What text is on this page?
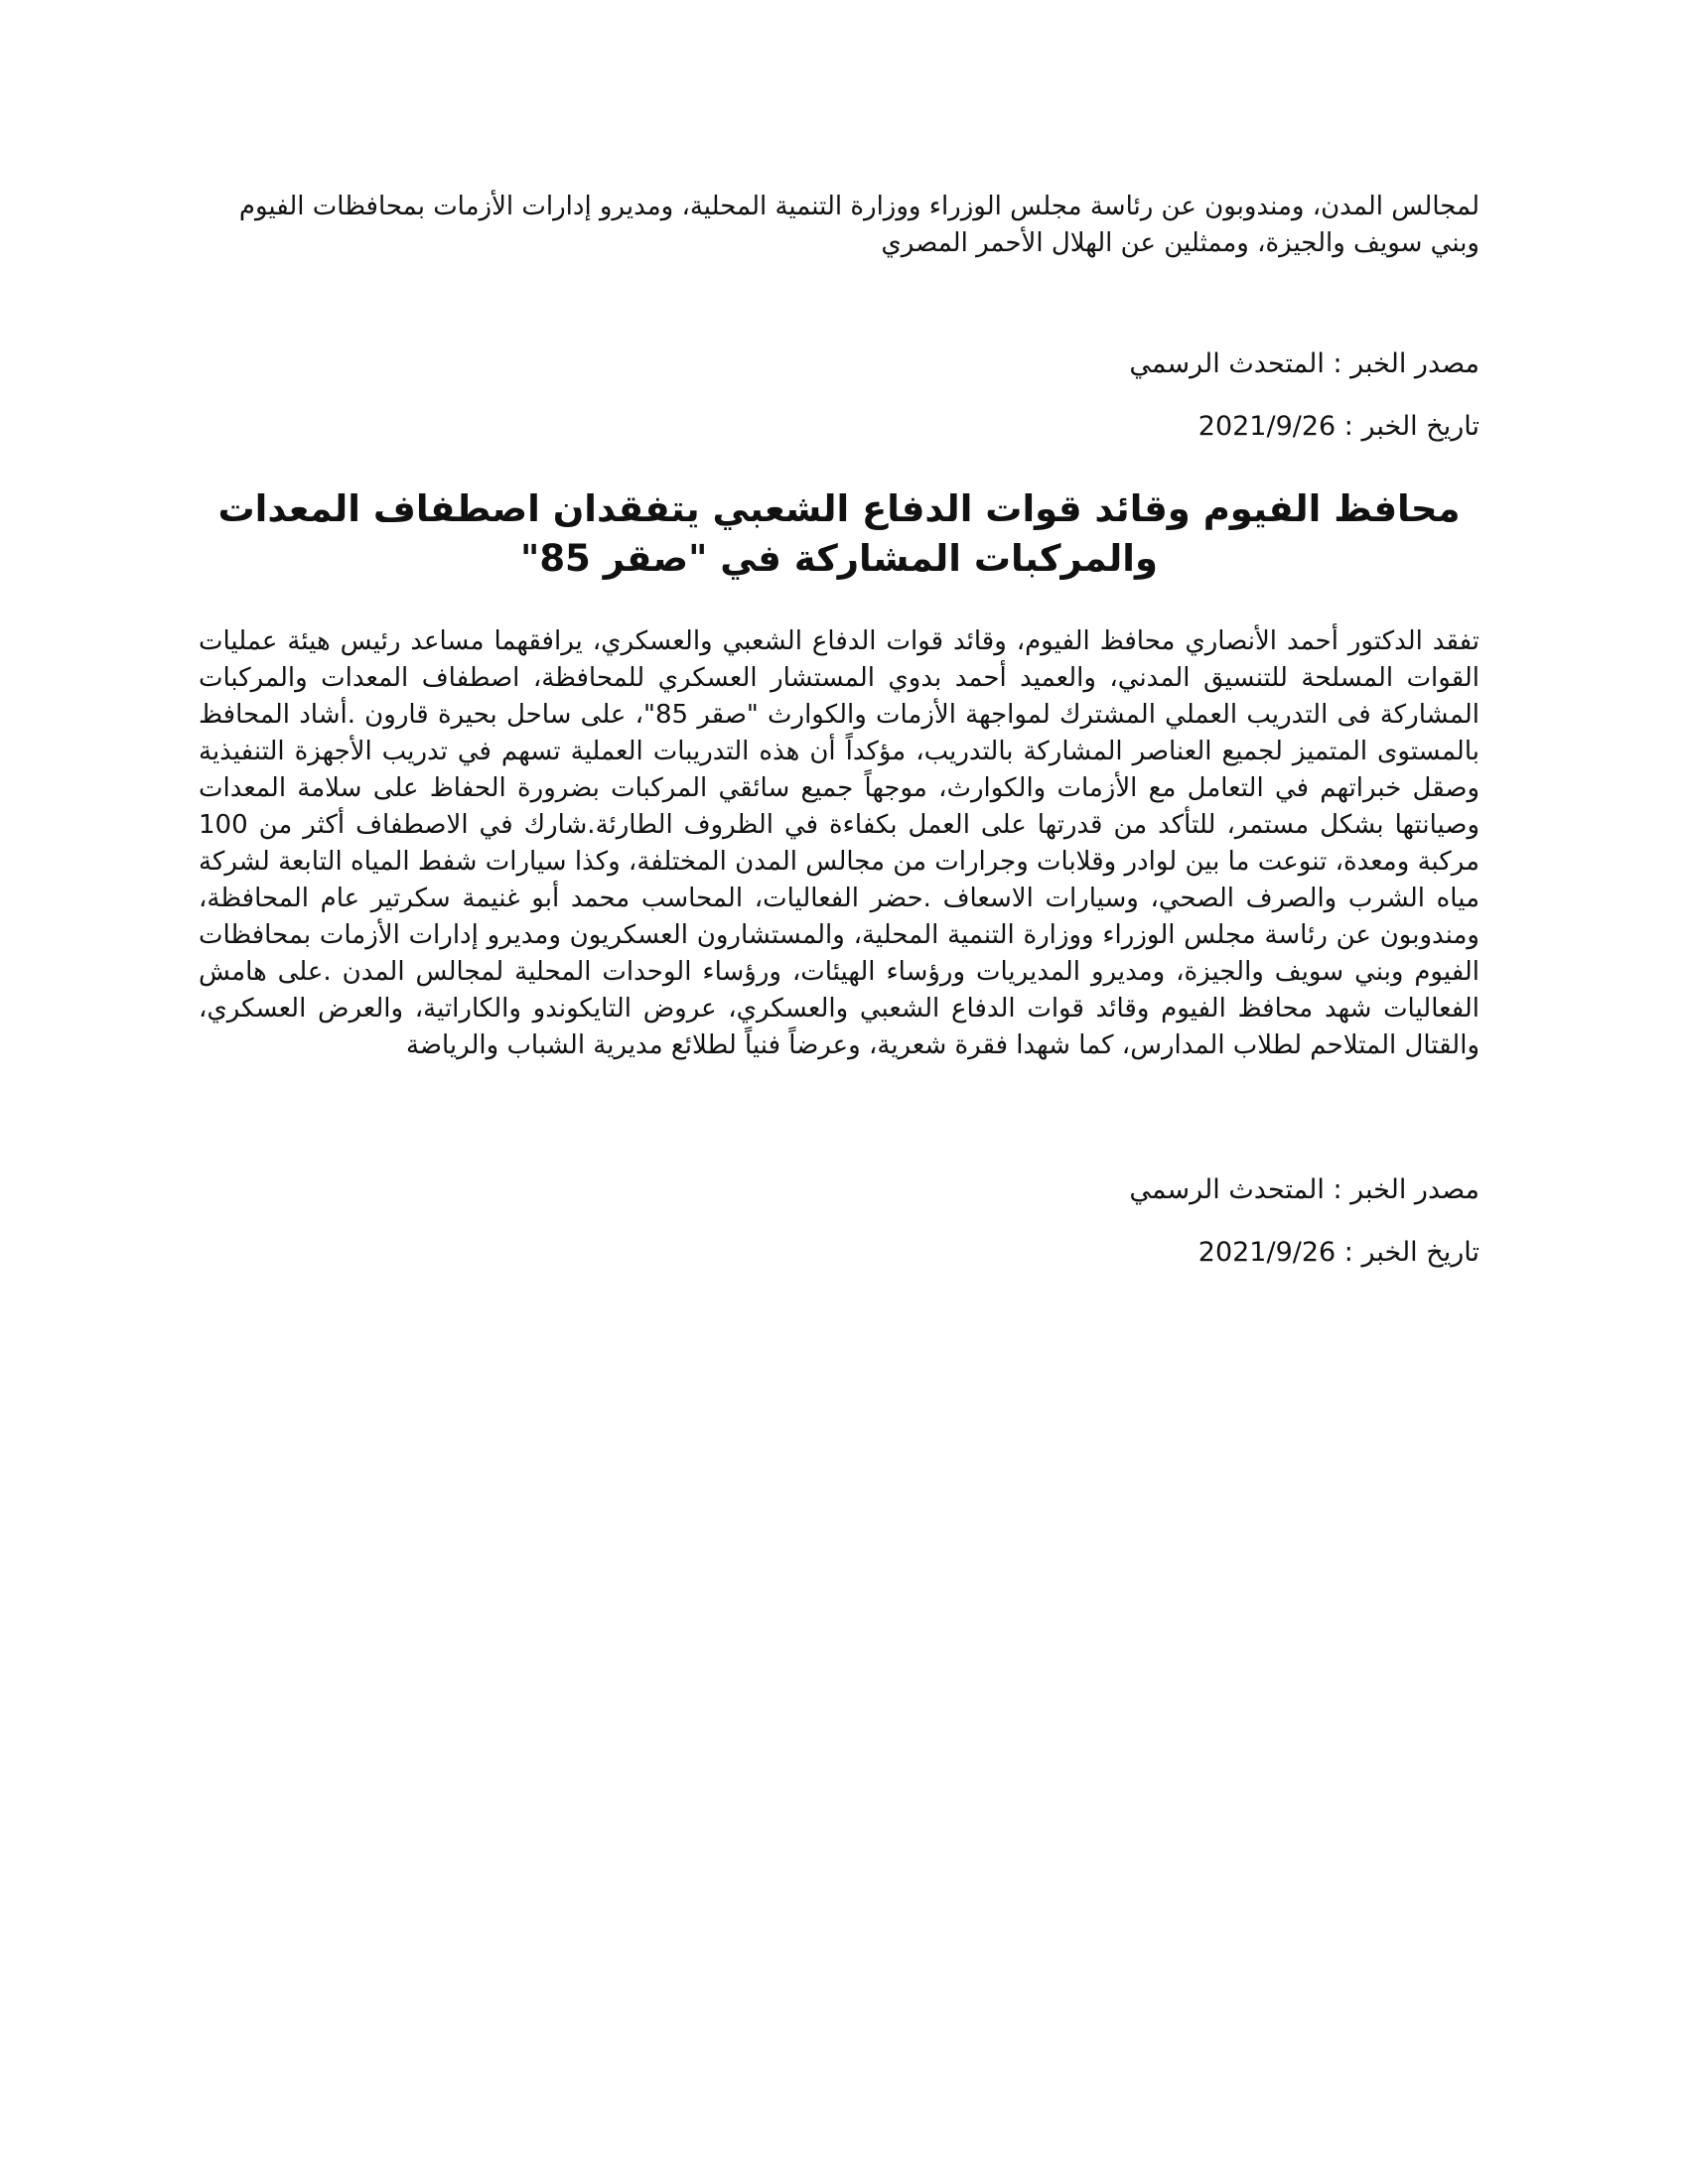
لمجالس المدن، ومندوبون عن رئاسة مجلس الوزراء ووزارة التنمية المحلية، ومديرو إدارات الأزمات بمحافظات الفيوم وبني سويف والجيزة، وممثلين عن الهلال الأحمر المصري

مصدر الخبر : المتحدث الرسمي

تاريخ الخبر : 2021/9/26

محافظ الفيوم وقائد قوات الدفاع الشعبي يتفقدان اصطفاف المعدات والمركبات المشاركة في "صقر 85"

تفقد الدكتور أحمد الأنصاري محافظ الفيوم، وقائد قوات الدفاع الشعبي والعسكري، يرافقهما مساعد رئيس هيئة عمليات القوات المسلحة للتنسيق المدني، والعميد أحمد بدوي المستشار العسكري للمحافظة، اصطفاف المعدات والمركبات المشاركة فى التدريب العملي المشترك لمواجهة الأزمات والكوارث "صقر 85"، على ساحل بحيرة قارون .أشاد المحافظ بالمستوى المتميز لجميع العناصر المشاركة بالتدريب، مؤكداً أن هذه التدريبات العملية تسهم في تدريب الأجهزة التنفيذية وصقل خبراتهم في التعامل مع الأزمات والكوارث، موجهاً جميع سائقي المركبات بضرورة الحفاظ على سلامة المعدات وصيانتها بشكل مستمر، للتأكد من قدرتها على العمل بكفاءة في الظروف الطارئة.شارك في الاصطفاف أكثر من 100 مركبة ومعدة، تنوعت ما بين لوادر وقلابات وجرارات من مجالس المدن المختلفة، وكذا سيارات شفط المياه التابعة لشركة مياه الشرب والصرف الصحي، وسيارات الاسعاف .حضر الفعاليات، المحاسب محمد أبو غنيمة سكرتير عام المحافظة، ومندوبون عن رئاسة مجلس الوزراء ووزارة التنمية المحلية، والمستشارون العسكريون ومديرو إدارات الأزمات بمحافظات الفيوم وبني سويف والجيزة، ومديرو المديريات ورؤساء الهيئات، ورؤساء الوحدات المحلية لمجالس المدن .على هامش الفعاليات شهد محافظ الفيوم وقائد قوات الدفاع الشعبي والعسكري، عروض التايكوندو والكاراتية، والعرض العسكري، والقتال المتلاحم لطلاب المدارس، كما شهدا فقرة شعرية، وعرضاً فنياً لطلائع مديرية الشباب والرياضة

مصدر الخبر : المتحدث الرسمي

تاريخ الخبر : 2021/9/26
